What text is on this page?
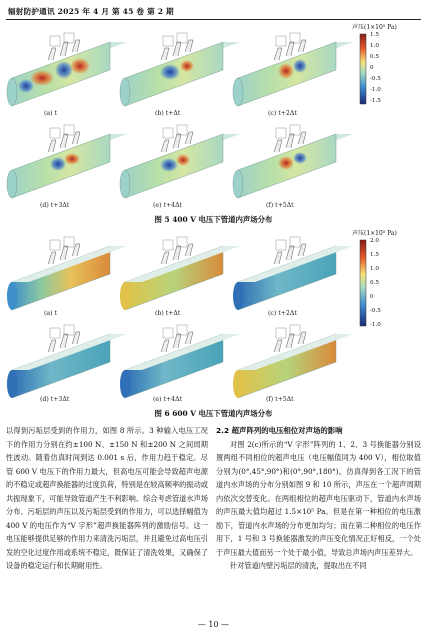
辐射防护通讯 2025 年 4 月 第 45 卷 第 2 期
(a) t	(b) t+Δt	(c) t+2Δt
(d) t+3Δt	(e) t+4Δt	(f) t+5Δt
声压(1×10⁵ Pa)
1.5
1.0
0.5
0
-0.5
-1.0
-1.5
图 5 400 V 电压下管道内声场分布
(a) t	(b) t+Δt	(c) t+2Δt
(d) t+3Δt	(e) t+4Δt	(f) t+5Δt
声压(1×10⁵ Pa)
2.0
1.5
1.0
0.5
0
-0.5
-1.0
图 6 600 V 电压下管道内声场分布
以得到污垢层受到的作用力，如图 8 所示。3 种输入电压工况下的作用力分别在约±100 N、±150 N 和±200 N 之间周期性波动。随着仿真时间到达 0.001 s 后，作用力趋于稳定。尽管 600 V 电压下的作用力最大，但高电压可能会导致超声电源的不稳定或超声换能器的过度负荷，特别是在较高频率的振动或共振现象下，可能导致管道产生不利影响。综合考虑管道水声场分布、污垢层的声压以及污垢层受到的作用力，可以选择幅值为 400 V 的电压作为“V 字形”超声换能器阵列的激励信号。这一电压能够提供足够的作用力来清洗污垢层，并且避免过高电压引发的空化过度作用或系统不稳定，既保证了清洗效果，又确保了设备的稳定运行和长期耐用性。
2.2 超声阵列的电压相位对声场的影响
对图 2(c)所示的“V 字形”阵列的 1、2、3 号换能器分别设置两组不同相位的超声电压（电压幅值同为 400 V），相位取值分别为(0°,45°,90°)和(0°,90°,180°)。仿真得到各工况下的管道内水声场的分布分别如图 9 和 10 所示，声压在一个超声周期内依次交替变化。在两组相位的超声电压驱动下，管道内水声场的声压最大值均超过 1.5×10⁵ Pa。但是在第一种相位的电压激励下，管道内水声场的分布更加均匀；而在第二种相位的电压作用下，1 号和 3 号换能器激发的声压变化情况正好相反，一个处于声压最大值而另一个处于最小值，导致总声场内声压差异大。
针对管道内壁污垢层的清洗，提取出在不同
— 10 —
